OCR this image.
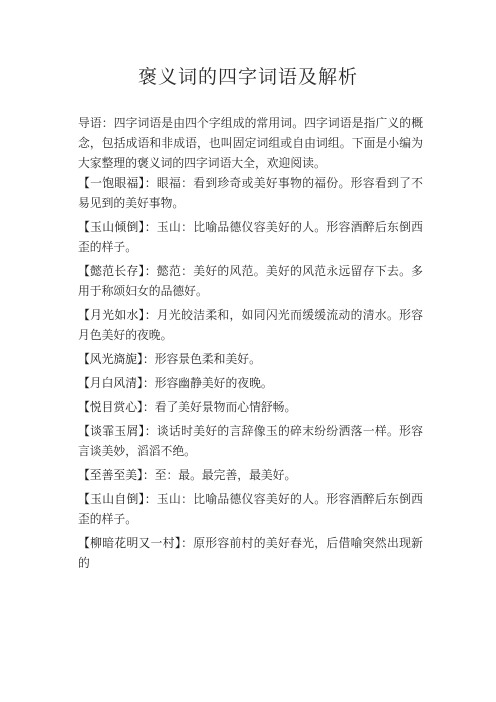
褒义词的四字词语及解析

导语：四字词语是由四个字组成的常用词。四字词语是指广义的概念，包括成语和非成语，也叫固定词组或自由词组。下面是小编为大家整理的褒义词的四字词语大全，欢迎阅读。

【一饱眼福】：眼福：看到珍奇或美好事物的福份。形容看到了不易见到的美好事物。

【玉山倾倒】：玉山：比喻品德仪容美好的人。形容酒醉后东倒西歪的样子。

【懿范长存】：懿范：美好的风范。美好的风范永远留存下去。多用于称颂妇女的品德好。

【月光如水】：月光皎洁柔和，如同闪光而缓缓流动的清水。形容月色美好的夜晚。

【风光旖旎】：形容景色柔和美好。

【月白风清】：形容幽静美好的夜晚。

【悦目赏心】：看了美好景物而心情舒畅。

【谈霏玉屑】：谈话时美好的言辞像玉的碎末纷纷洒落一样。形容言谈美妙，滔滔不绝。

【至善至美】：至：最。最完善，最美好。

【玉山自倒】：玉山：比喻品德仪容美好的人。形容酒醉后东倒西歪的样子。

【柳暗花明又一村】：原形容前村的美好春光，后借喻突然出现新的
